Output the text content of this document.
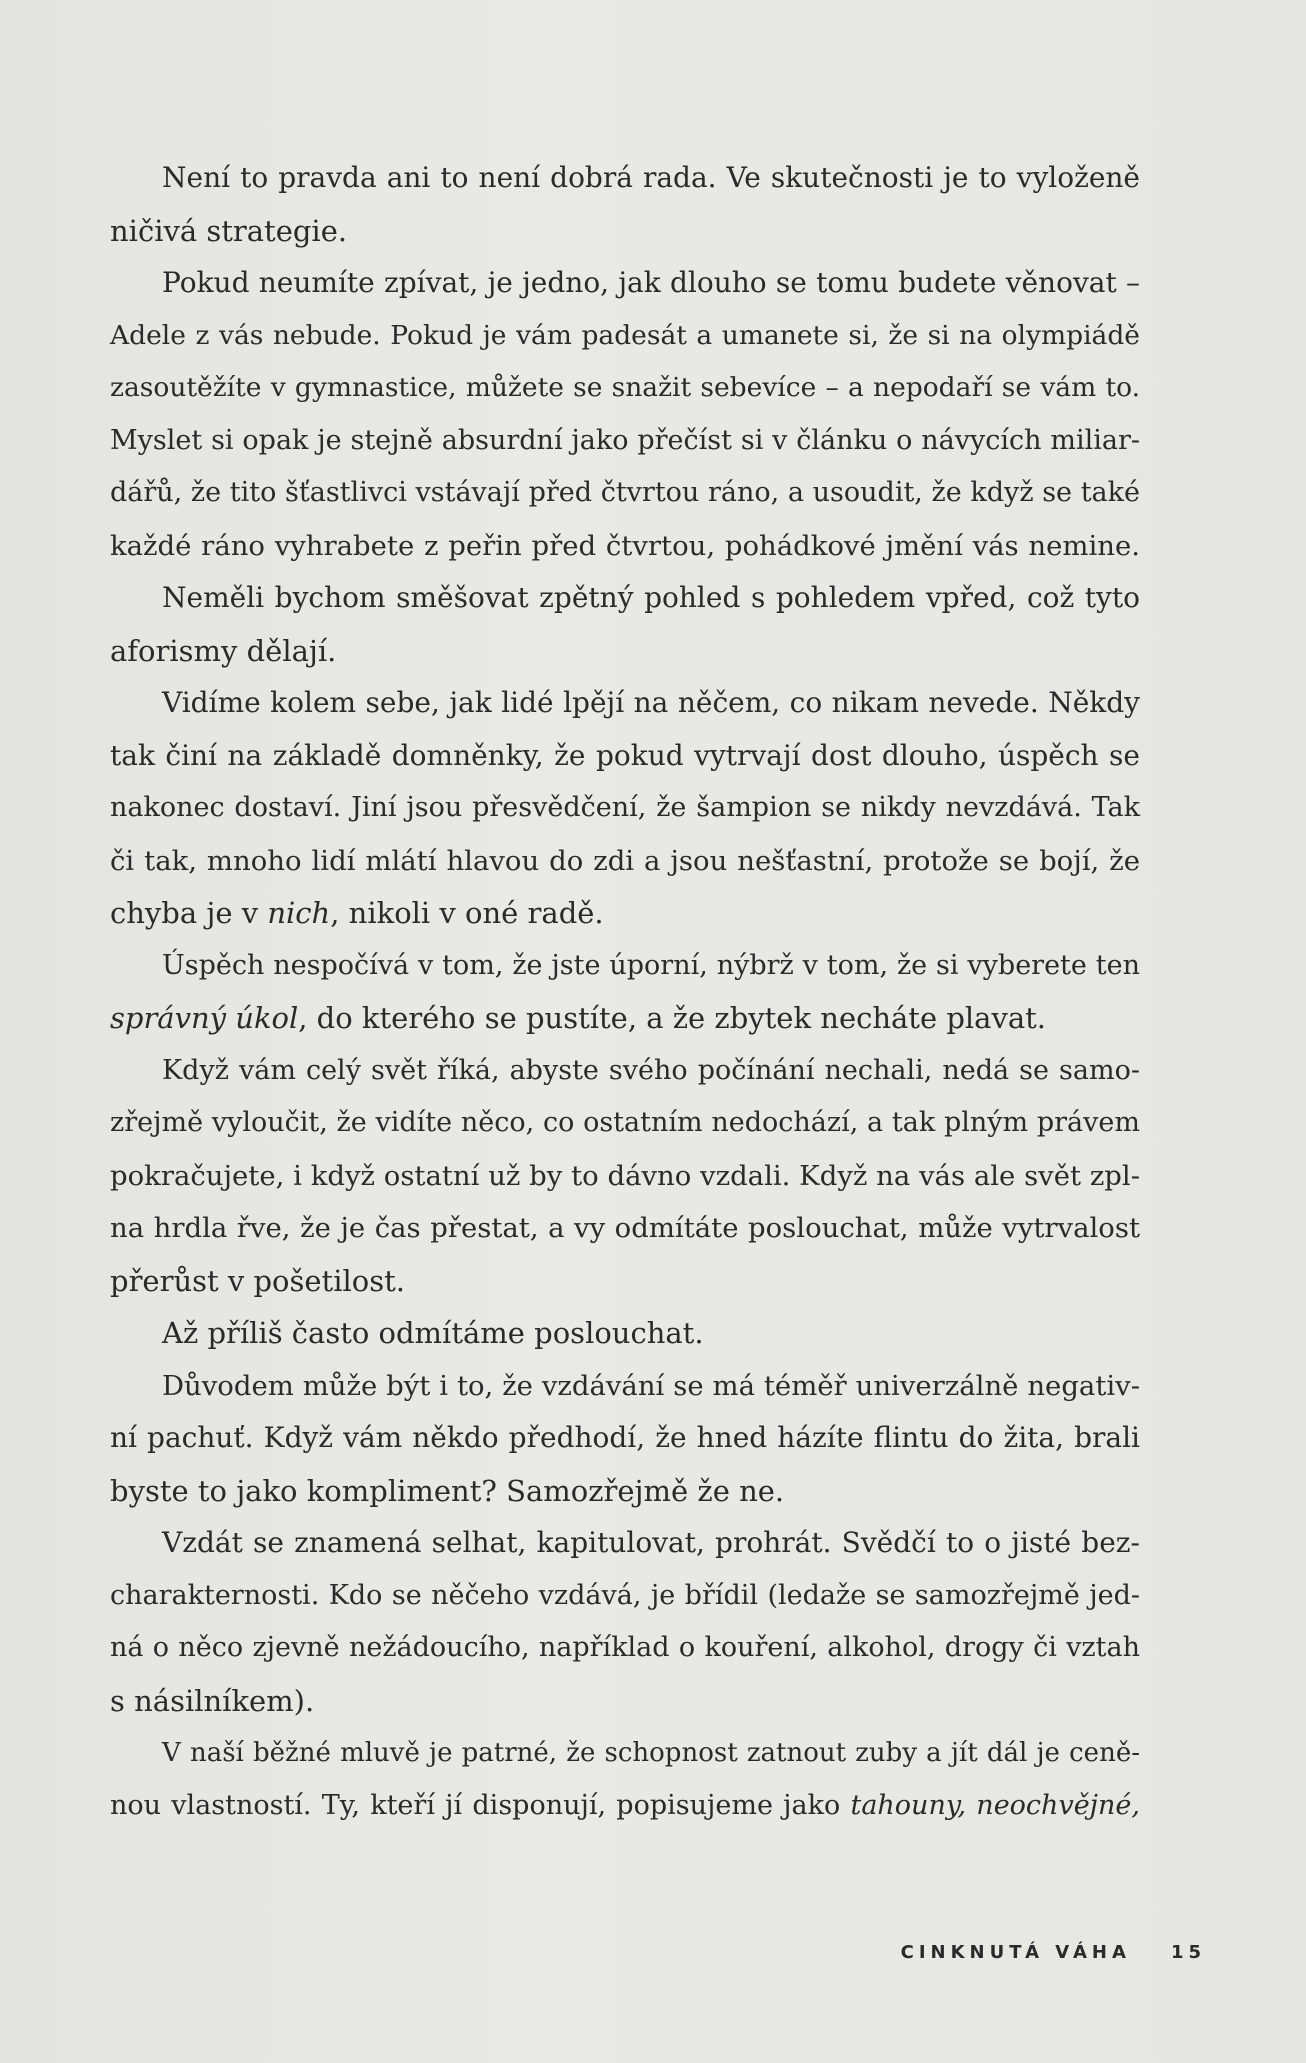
Není to pravda ani to není dobrá rada. Ve skutečnosti je to vyloženě
ničivá strategie.
Pokud neumíte zpívat, je jedno, jak dlouho se tomu budete věnovat –
Adele z vás nebude. Pokud je vám padesát a umanete si, že si na olympiádě
zasoutěžíte v gymnastice, můžete se snažit sebevíce – a nepodaří se vám to.
Myslet si opak je stejně absurdní jako přečíst si v článku o návycích miliar-
dářů, že tito šťastlivci vstávají před čtvrtou ráno, a usoudit, že když se také
každé ráno vyhrabete z peřin před čtvrtou, pohádkové jmění vás nemine.
Neměli bychom směšovat zpětný pohled s pohledem vpřed, což tyto
aforismy dělají.
Vidíme kolem sebe, jak lidé lpějí na něčem, co nikam nevede. Někdy
tak činí na základě domněnky, že pokud vytrvají dost dlouho, úspěch se
nakonec dostaví. Jiní jsou přesvědčení, že šampion se nikdy nevzdává. Tak
či tak, mnoho lidí mlátí hlavou do zdi a jsou nešťastní, protože se bojí, že
chyba je v nich, nikoli v oné radě.
Úspěch nespočívá v tom, že jste úporní, nýbrž v tom, že si vyberete ten
správný úkol, do kterého se pustíte, a že zbytek necháte plavat.
Když vám celý svět říká, abyste svého počínání nechali, nedá se samo-
zřejmě vyloučit, že vidíte něco, co ostatním nedochází, a tak plným právem
pokračujete, i když ostatní už by to dávno vzdali. Když na vás ale svět zpl-
na hrdla řve, že je čas přestat, a vy odmítáte poslouchat, může vytrvalost
přerůst v pošetilost.
Až příliš často odmítáme poslouchat.
Důvodem může být i to, že vzdávání se má téměř univerzálně negativ-
ní pachuť. Když vám někdo předhodí, že hned házíte flintu do žita, brali
byste to jako kompliment? Samozřejmě že ne.
Vzdát se znamená selhat, kapitulovat, prohrát. Svědčí to o jisté bez-
charakternosti. Kdo se něčeho vzdává, je břídil (ledaže se samozřejmě jed-
ná o něco zjevně nežádoucího, například o kouření, alkohol, drogy či vztah
s násilníkem).
V naší běžné mluvě je patrné, že schopnost zatnout zuby a jít dál je ceně-
nou vlastností. Ty, kteří jí disponují, popisujeme jako tahouny, neochvějné,
CINKNUTÁ VÁHA 15
